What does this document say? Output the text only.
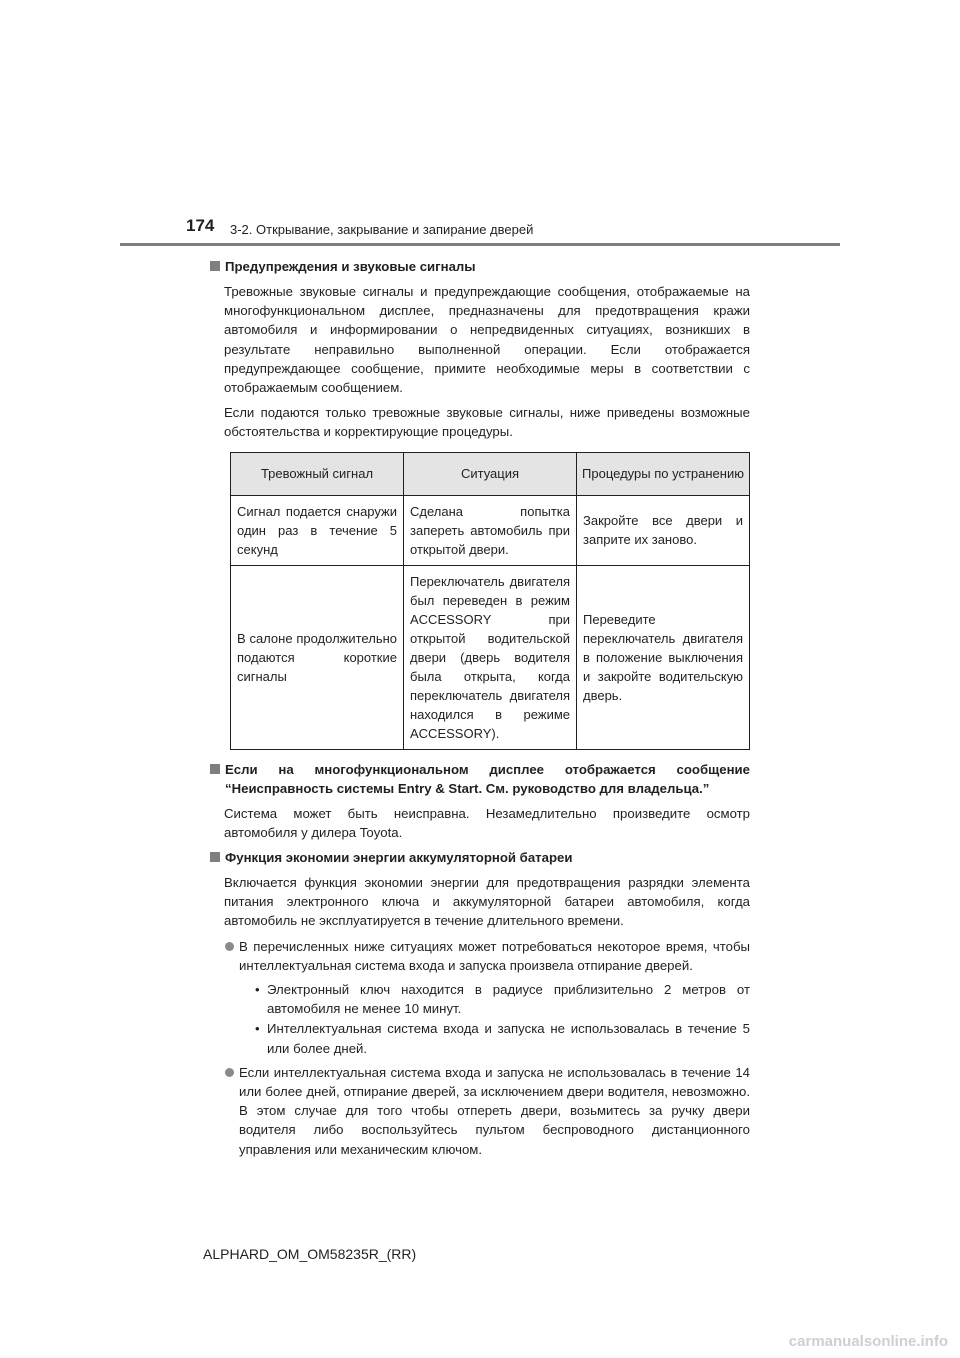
174 3-2. Открывание, закрывание и запирание дверей
Предупреждения и звуковые сигналы
Тревожные звуковые сигналы и предупреждающие сообщения, отображаемые на многофункциональном дисплее, предназначены для предотвращения кражи автомобиля и информировании о непредвиденных ситуациях, возникших в результате неправильно выполненной операции. Если отображается предупреждающее сообщение, примите необходимые меры в соответствии с отображаемым сообщением.
Если подаются только тревожные звуковые сигналы, ниже приведены возможные обстоятельства и корректирующие процедуры.
Тревожный сигнал	Ситуация	Процедуры по устранению
Сигнал подается снаружи один раз в течение 5 секунд	Сделана попытка запереть автомобиль при открытой двери.	Закройте все двери и заприте их заново.
В салоне продолжительно подаются короткие сигналы	Переключатель двигателя был переведен в режим ACCESSORY при открытой водительской двери (дверь водителя была открыта, когда переключатель двигателя находился в режиме ACCESSORY).	Переведите переключатель двигателя в положение выключения и закройте водительскую дверь.
Если на многофункциональном дисплее отображается сообщение “Неисправность системы Entry & Start. См. руководство для владельца.”
Система может быть неисправна. Незамедлительно произведите осмотр автомобиля у дилера Toyota.
Функция экономии энергии аккумуляторной батареи
Включается функция экономии энергии для предотвращения разрядки элемента питания электронного ключа и аккумуляторной батареи автомобиля, когда автомобиль не эксплуатируется в течение длительного времени.
В перечисленных ниже ситуациях может потребоваться некоторое время, чтобы интеллектуальная система входа и запуска произвела отпирание дверей.
• Электронный ключ находится в радиусе приблизительно 2 метров от автомобиля не менее 10 минут.
• Интеллектуальная система входа и запуска не использовалась в течение 5 или более дней.
Если интеллектуальная система входа и запуска не использовалась в течение 14 или более дней, отпирание дверей, за исключением двери водителя, невозможно. В этом случае для того чтобы отпереть двери, возьмитесь за ручку двери водителя либо воспользуйтесь пультом беспроводного дистанционного управления или механическим ключом.
ALPHARD_OM_OM58235R_(RR)
carmanualsonline.info
